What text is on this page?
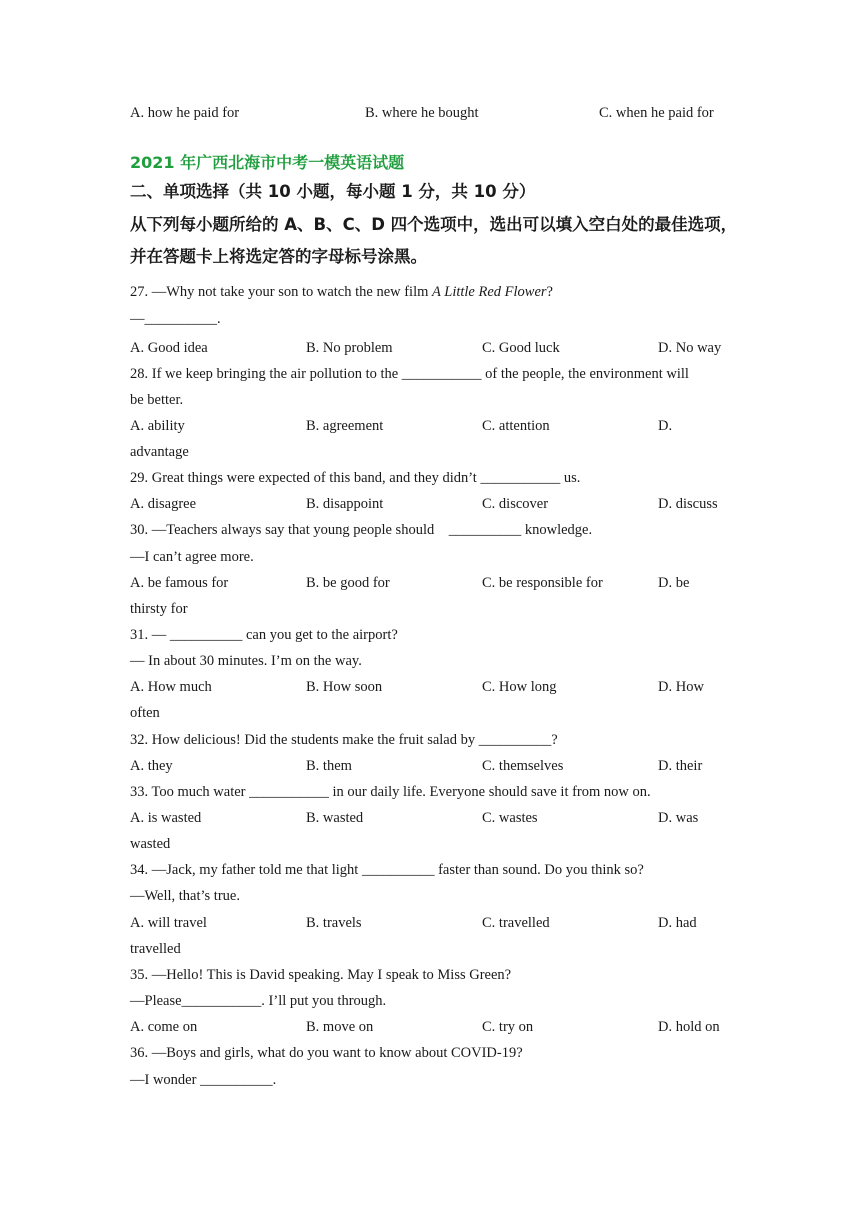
A. how he paid for	B. where he bought	C. when he paid for
2021 年广西北海市中考一模英语试题
二、单项选择（共 10 小题，每小题 1 分，共 10 分）
从下列每小题所给的 A、B、C、D 四个选项中，选出可以填入空白处的最佳选项，并在答题卡上将选定答的字母标号涂黑。
27. —Why not take your son to watch the new film A Little Red Flower?
—__________.
A. Good idea	B. No problem	C. Good luck	D. No way
28. If we keep bringing the air pollution to the ___________ of the people, the environment will
be better.
A. ability	B. agreement	C. attention	D.
advantage
29. Great things were expected of this band, and they didn’t ___________ us.
A. disagree	B. disappoint	C. discover	D. discuss
30. —Teachers always say that young people should    __________ knowledge.
—I can’t agree more.
A. be famous for	B. be good for	C. be responsible for	D. be
thirsty for
31. — __________ can you get to the airport?
— In about 30 minutes. I’m on the way.
A. How much	B. How soon	C. How long	D. How
often
32. How delicious! Did the students make the fruit salad by __________?
A. they	B. them	C. themselves	D. their
33. Too much water ___________ in our daily life. Everyone should save it from now on.
A. is wasted	B. wasted	C. wastes	D. was
wasted
34. —Jack, my father told me that light __________ faster than sound. Do you think so?
—Well, that’s true.
A. will travel	B. travels	C. travelled	D. had
travelled
35. —Hello! This is David speaking. May I speak to Miss Green?
—Please___________. I’ll put you through.
A. come on	B. move on	C. try on	D. hold on
36. —Boys and girls, what do you want to know about COVID-19?
—I wonder __________.
